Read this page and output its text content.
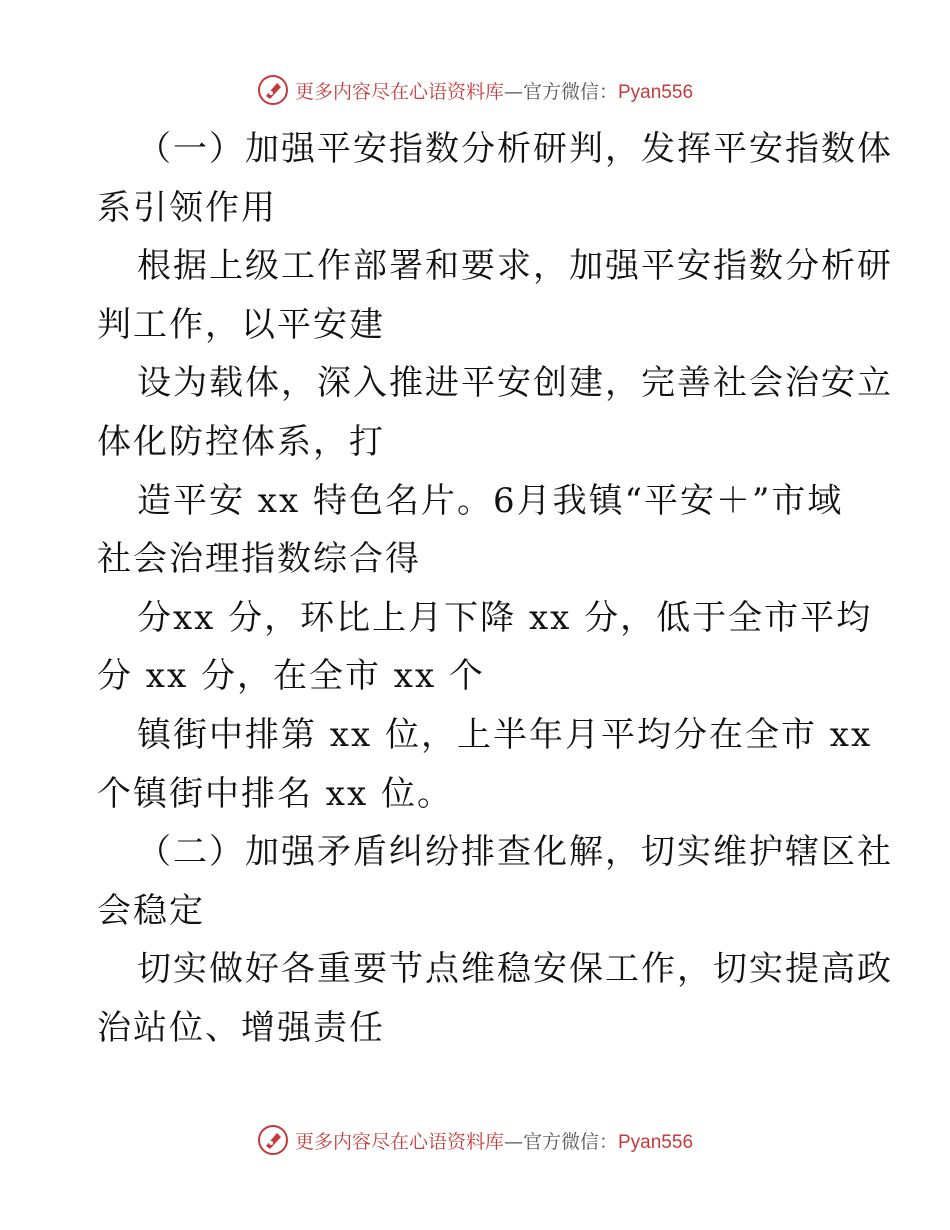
更多内容尽在心语资料库—官方微信：Pyan556
（一）加强平安指数分析研判，发挥平安指数体
系引领作用
根据上级工作部署和要求，加强平安指数分析研
判工作，以平安建
设为载体，深入推进平安创建，完善社会治安立
体化防控体系，打
造平安 xx 特色名片。6月我镇“平安＋”市域
社会治理指数综合得
分xx 分，环比上月下降 xx 分，低于全市平均
分 xx 分，在全市 xx 个
镇街中排第 xx 位，上半年月平均分在全市 xx
个镇街中排名 xx 位。
（二）加强矛盾纠纷排查化解，切实维护辖区社
会稳定
切实做好各重要节点维稳安保工作，切实提高政
治站位、增强责任
更多内容尽在心语资料库—官方微信：Pyan556
